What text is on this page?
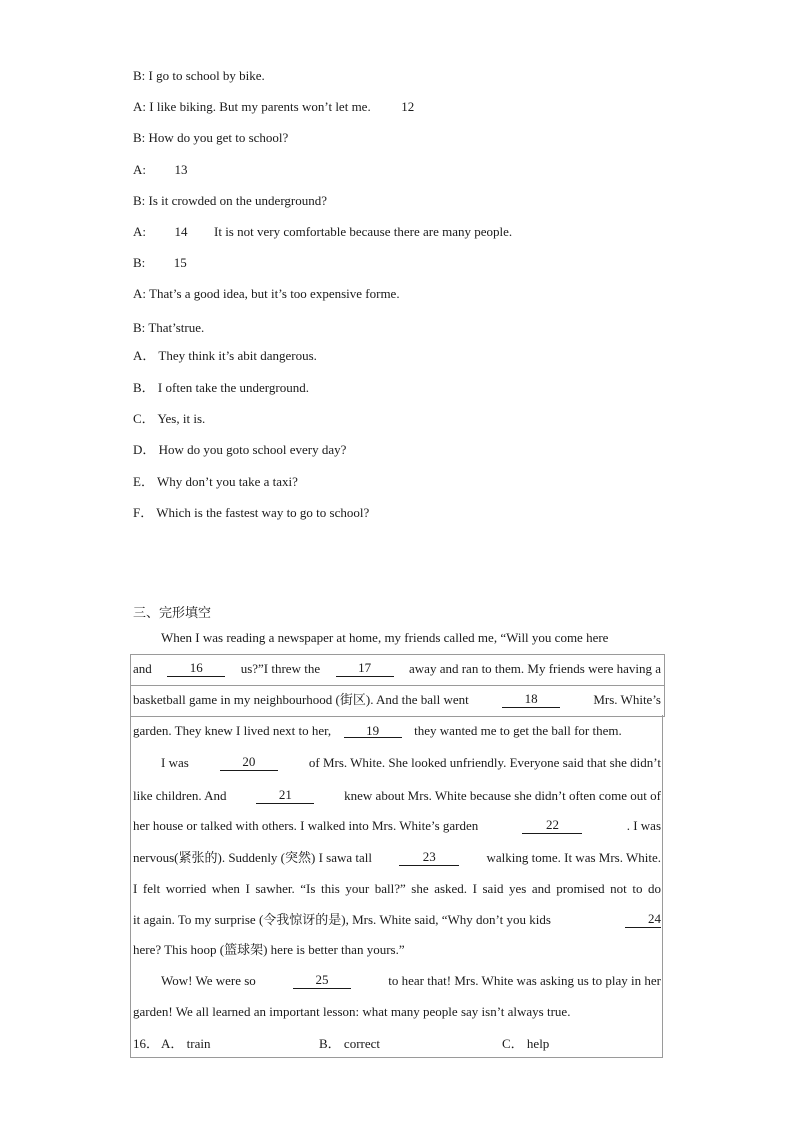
B: I go to school by bike.
A: I like biking. But my parents won’t let me. 12
B: How do you get to school?
A: 13
B: Is it crowded on the underground?
A: 14 It is not very comfortable because there are many people.
B: 15
A: That’s a good idea, but it’s too expensive forme.
B: That’strue.
A． They think it’s abit dangerous.
B． I often take the underground.
C． Yes, it is.
D． How do you goto school every day?
E． Why don’t you take a taxi?
F． Which is the fastest way to go to school?
三、完形填空
When I was reading a newspaper at home, my friends called me, “Will you come here
and	16	us?”I threw the	17	away and ran to them. My friends were having a
basketball game in my neighbourhood (街区). And the ball went	18	Mrs. White’s
garden. They knew I lived next to her,	19	they wanted me to get the ball for them.
I was	20	of Mrs. White. She looked unfriendly. Everyone said that she didn’t
like children. And	21	knew about Mrs. White because she didn’t often come out of
her house or talked with others. I walked into Mrs. White’s garden	22	. I was
nervous(紧张的). Suddenly (突然) I sawa tall	23	walking tome. It was Mrs. White.
I felt worried when I sawher. “Is this your ball?” she asked. I said yes and promised not to do
it again. To my surprise (令我惊讶的是), Mrs. White said, “Why don’t you kids	24
here? This hoop (篮球架) here is better than yours.”
Wow! We were so	25	to hear that! Mrs. White was asking us to play in her
garden! We all learned an important lesson: what many people say isn’t always true.
16． A． train	B． correct	C． help
